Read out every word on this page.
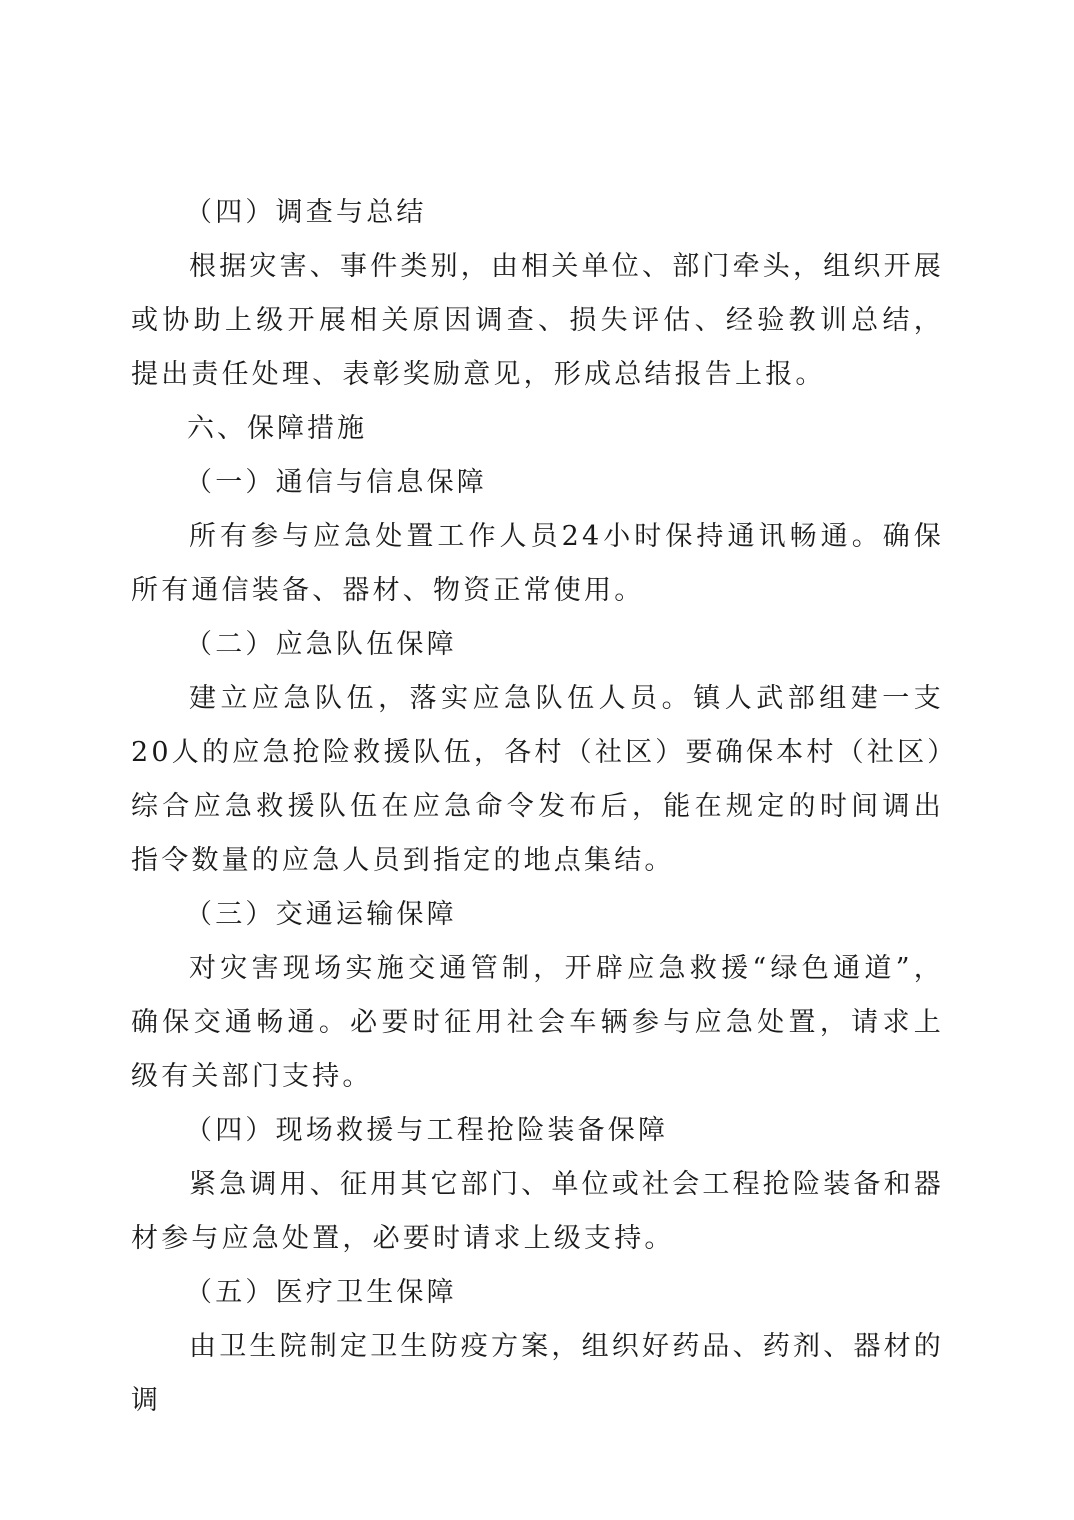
（四）调查与总结

根据灾害、事件类别，由相关单位、部门牵头，组织开展或协助上级开展相关原因调查、损失评估、经验教训总结，提出责任处理、表彰奖励意见，形成总结报告上报。

六、保障措施

（一）通信与信息保障

所有参与应急处置工作人员24小时保持通讯畅通。确保所有通信装备、器材、物资正常使用。

（二）应急队伍保障

建立应急队伍，落实应急队伍人员。镇人武部组建一支20人的应急抢险救援队伍，各村（社区）要确保本村（社区）综合应急救援队伍在应急命令发布后，能在规定的时间调出指令数量的应急人员到指定的地点集结。

（三）交通运输保障

对灾害现场实施交通管制，开辟应急救援“绿色通道”，确保交通畅通。必要时征用社会车辆参与应急处置，请求上级有关部门支持。

（四）现场救援与工程抢险装备保障

紧急调用、征用其它部门、单位或社会工程抢险装备和器材参与应急处置，必要时请求上级支持。

（五）医疗卫生保障

由卫生院制定卫生防疫方案，组织好药品、药剂、器材的调
